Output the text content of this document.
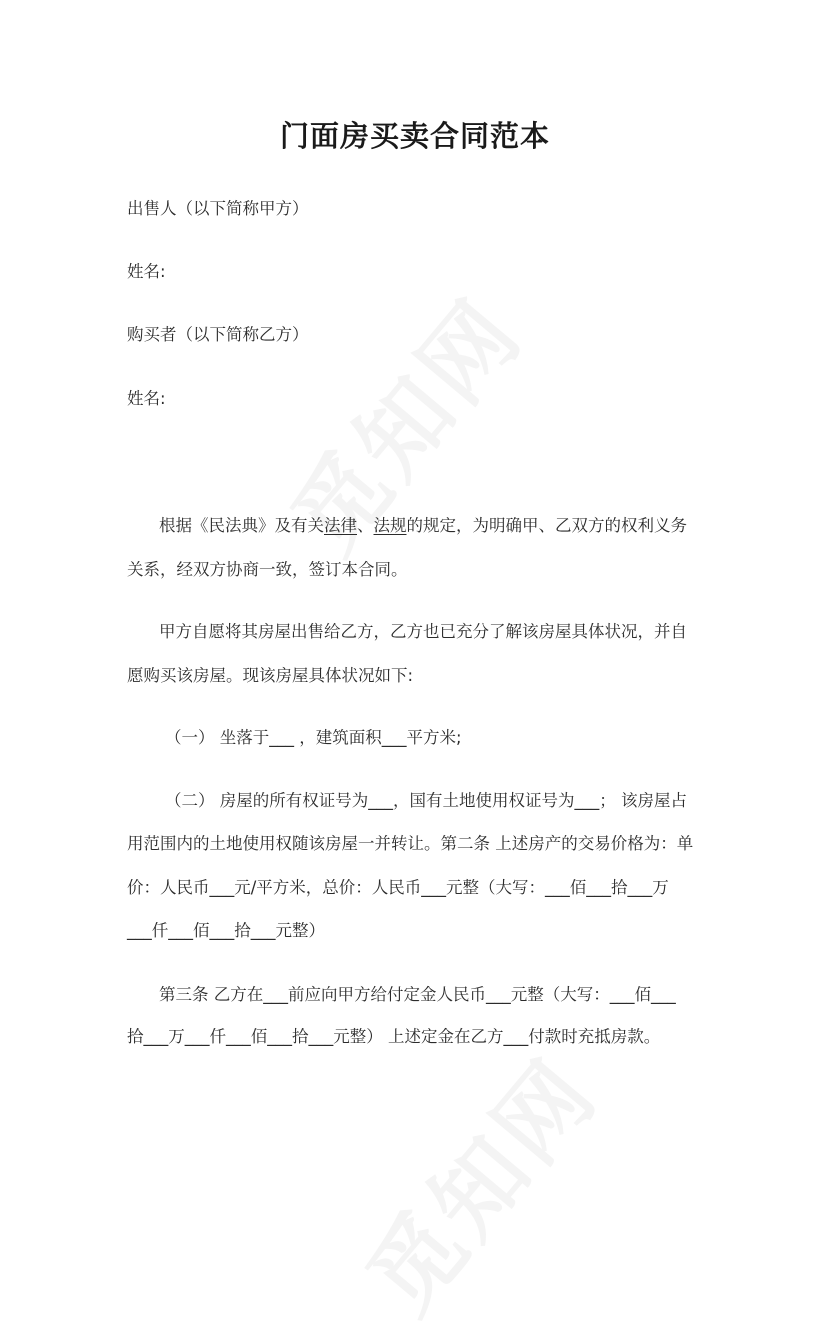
门面房买卖合同范本

出售人（以下简称甲方）

姓名:

购买者（以下简称乙方）

姓名:

根据《民法典》及有关法律、法规的规定，为明确甲、乙双方的权利义务

关系，经双方协商一致，签订本合同。

甲方自愿将其房屋出售给乙方，乙方也已充分了解该房屋具体状况，并自

愿购买该房屋。现该房屋具体状况如下:

（一） 坐落于___ ，建筑面积___平方米;

（二） 房屋的所有权证号为___，国有土地使用权证号为___； 该房屋占

用范围内的土地使用权随该房屋一并转让。第二条 上述房产的交易价格为：单

价：人民币___元/平方米，总价：人民币___元整（大写：___佰___拾___万

___仟___佰___拾___元整）

第三条 乙方在___前应向甲方给付定金人民币___元整（大写：___佰___

拾___万___仟___佰___拾___元整） 上述定金在乙方___付款时充抵房款。
